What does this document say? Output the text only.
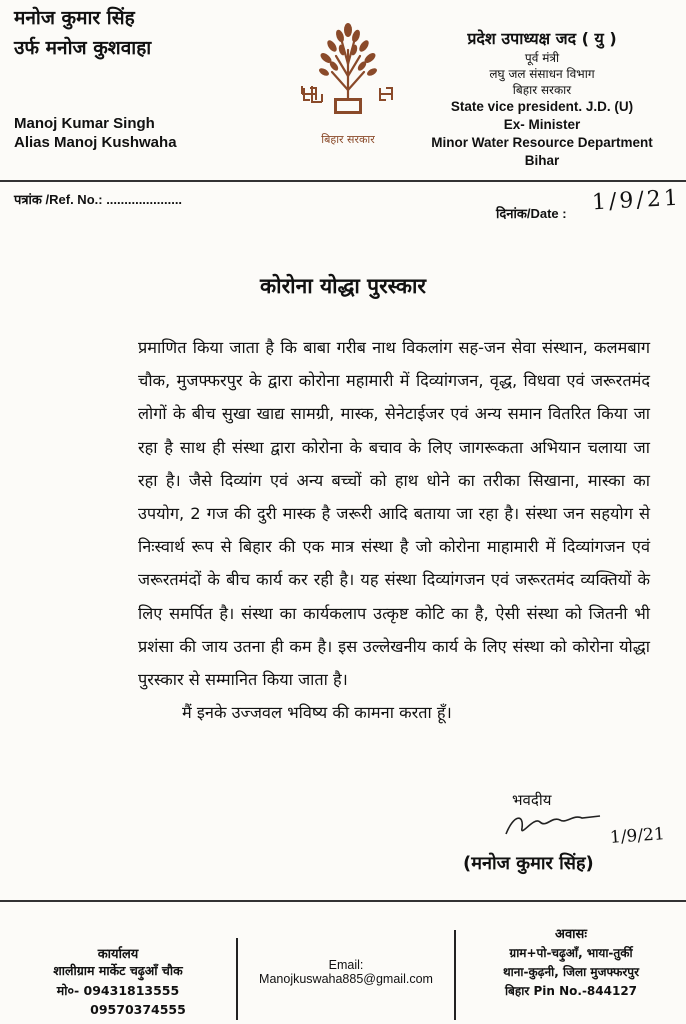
मनोज कुमार सिंह
उर्फ मनोज कुशवाहा
Manoj Kumar Singh
Alias Manoj Kushwaha	बिहार सरकार
प्रदेश उपाध्यक्ष जद ( यु )
पूर्व मंत्री
लघु जल संसाधन विभाग
बिहार सरकार
State vice president. J.D. (U)
Ex- Minister
Minor Water Resource Department
Bihar
पत्रांक /Ref. No.: .....................
दिनांक/Date : 1/9/21
कोरोना योद्धा पुरस्कार

प्रमाणित किया जाता है कि बाबा गरीब नाथ विकलांग सह-जन सेवा संस्थान, कलमबाग चौक, मुजफ्फरपुर के द्वारा कोरोना महामारी में दिव्यांगजन, वृद्ध, विधवा एवं जरूरतमंद लोगों के बीच सुखा खाद्य सामग्री, मास्क, सेनेटाईजर एवं अन्य समान वितरित किया जा रहा है साथ ही संस्था द्वारा कोरोना के बचाव के लिए जागरूकता अभियान चलाया जा रहा है। जैसे दिव्यांग एवं अन्य बच्चों को हाथ धोने का तरीका सिखाना, मास्का का उपयोग, 2 गज की दुरी मास्क है जरूरी आदि बताया जा रहा है। संस्था जन सहयोग से निःस्वार्थ रूप से बिहार की एक मात्र संस्था है जो कोरोना माहामारी में दिव्यांगजन एवं जरूरतमंदों के बीच कार्य कर रही है। यह संस्था दिव्यांगजन एवं जरूरतमंद व्यक्तियों के लिए समर्पित है। संस्था का कार्यकलाप उत्कृष्ट कोटि का है, ऐसी संस्था को जितनी भी प्रशंसा की जाय उतना ही कम है। इस उल्लेखनीय कार्य के लिए संस्था को कोरोना योद्धा पुरस्कार से सम्मानित किया जाता है।

मैं इनके उज्जवल भविष्य की कामना करता हूँ।

भवदीय
1/9/21
(मनोज कुमार सिंह)
कार्यालय
शालीग्राम मार्केट चढ़ुआँ चौक
मो०- 09431813555
09570374555
Email:
Manojkuswaha885@gmail.com
अवासः
ग्राम+पो-चढ़ुआँ, भाया-तुर्की
थाना-कुढ़नी, जिला मुजफ्फरपुर
बिहार Pin No.-844127
